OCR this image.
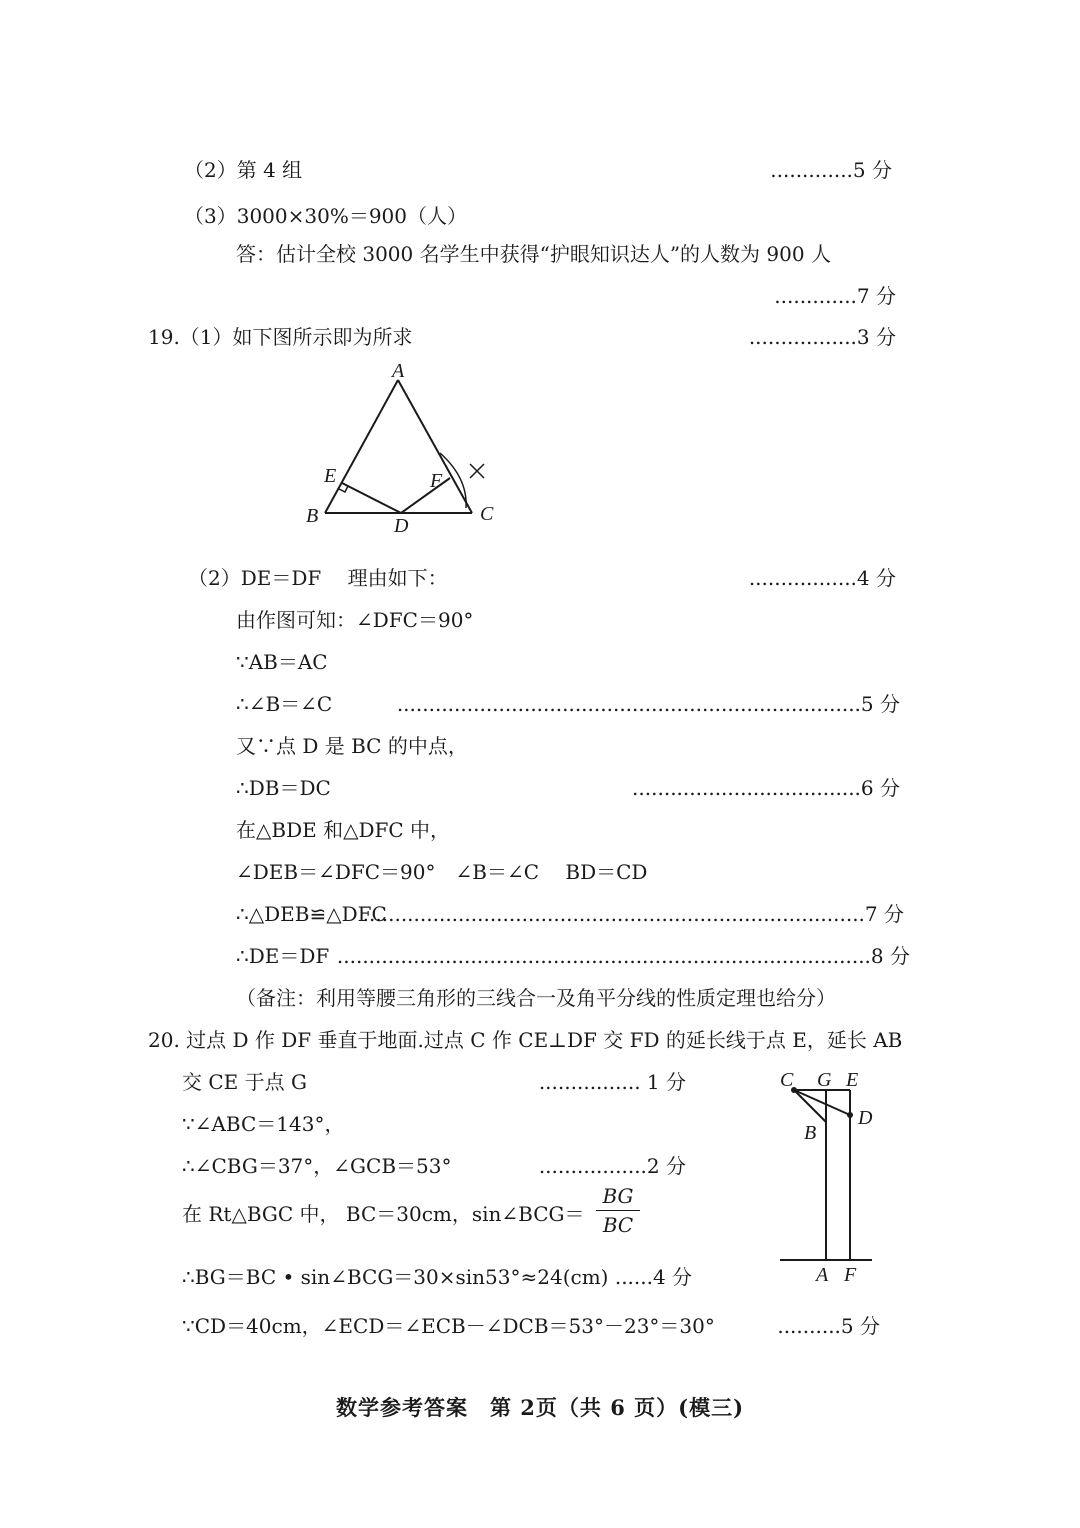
（2）第 4 组	.............5 分
（3）3000×30%＝900（人）
答：估计全校 3000 名学生中获得“护眼知识达人”的人数为 900 人
.............7 分
19.（1）如下图所示即为所求	.................3 分
A
B	C
D
E	F
（2）DE＝DF　 理由如下：	.................4 分
由作图可知：∠DFC＝90°
∵AB＝AC
∴∠B＝∠C	.........................................................................5 分
又∵点 D 是 BC 的中点，
∴DB＝DC	....................................6 分
在△BDE 和△DFC 中，
∠DEB＝∠DFC＝90°　∠B＝∠C　 BD＝CD
∴△DEB≌△DFC
...............................................................................7 分
∴DE＝DF ....................................................................................8 分
（备注：利用等腰三角形的三线合一及角平分线的性质定理也给分）
20. 过点 D 作 DF 垂直于地面.过点 C 作 CE⊥DF 交 FD 的延长线于点 E，延长 AB
交 CE 于点 G	................ 1 分
∵∠ABC＝143°，
∴∠CBG＝37°，∠GCB＝53°	.................2 分
在 Rt△BGC 中， BC＝30cm，sin∠BCG＝
BG
BC
∴BG＝BC • sin∠BCG＝30×sin53°≈24(cm) ......4 分
∵CD＝40cm，∠ECD＝∠ECB－∠DCB＝53°－23°＝30°	..........5 分
C G E
D
B
A F
数学参考答案　第 2页（共 6 页）(模三)
